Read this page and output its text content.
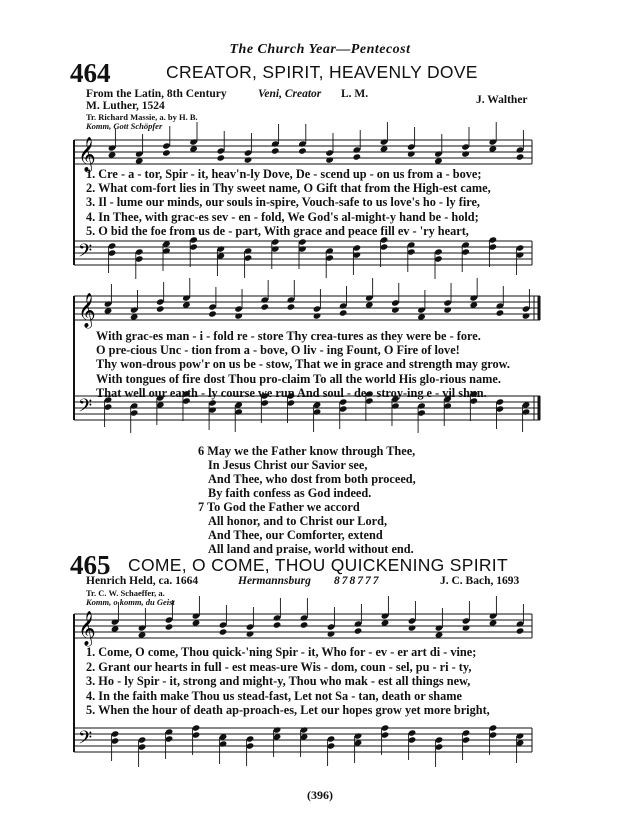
The Church Year—Pentecost
464	CREATOR, SPIRIT, HEAVENLY DOVE
From the Latin, 8th Century
M. Luther, 1524
Veni, Creator L. M.	J. Walther
Tr. Richard Massie, a. by H. B.
Komm, Gott Schöpfer
𝄞
𝄢
1. Cre - a - tor, Spir - it, heav'n-ly Dove, De - scend up - on us from a - bove;
2. What com-fort lies in Thy sweet name, O Gift that from the High-est came,
3. Il - lume our minds, our souls in-spire, Vouch-safe to us love's ho - ly fire,
4. In Thee, with grac-es sev - en - fold, We God's al-might-y hand be - hold;
5. O bid the foe from us de - part, With grace and peace fill ev - 'ry heart,
𝄞
𝄢
With grac-es man - i - fold re - store Thy crea-tures as they were be - fore.
O pre-cious Unc - tion from a - bove, O liv - ing Fount, O Fire of love!
Thy won-drous pow'r on us be - stow, That we in grace and strength may grow.
With tongues of fire dost Thou pro-claim To all the world His glo-rious name.
That well our earth - ly course we run And soul - de - stroy-ing e - vil shun.
6 May we the Father know through Thee,
In Jesus Christ our Savior see,
And Thee, who dost from both proceed,
By faith confess as God indeed.
7 To God the Father we accord
All honor, and to Christ our Lord,
And Thee, our Comforter, extend
All land and praise, world without end.
465 COME, O COME, THOU QUICKENING SPIRIT
Henrich Held, ca. 1664	Hermannsburg 878777	J. C. Bach, 1693
Tr. C. W. Schaeffer, a.
Komm, o komm, du Geist
𝄞
𝄢
1. Come, O come, Thou quick-'ning Spir - it, Who for - ev - er art di - vine;
2. Grant our hearts in full - est meas-ure Wis - dom, coun - sel, pu - ri - ty,
3. Ho - ly Spir - it, strong and might-y, Thou who mak - est all things new,
4. In the faith make Thou us stead-fast, Let not Sa - tan, death or shame
5. When the hour of death ap-proach-es, Let our hopes grow yet more bright,
(396)
